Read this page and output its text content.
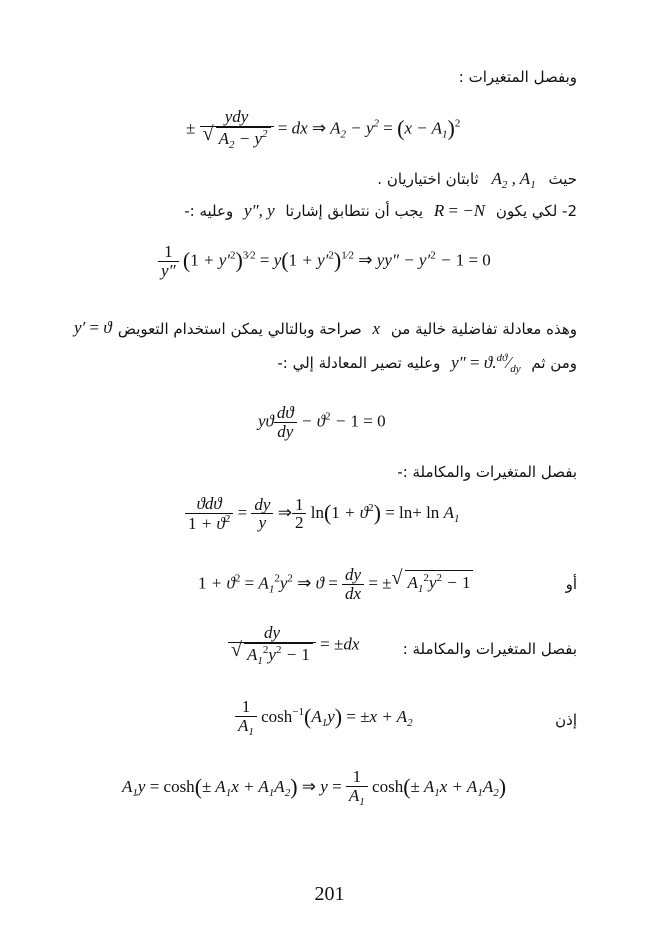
وبفصل المتغيرات :
± $\frac{\text{ydy}}{√ A_2 - y^2}$ = dx ⇒ $A_2 - y^2 = (x - A_1)^2$
حيث $A_2$ , $A_1$ ثابتان اختياريان .
2- لكي يكون R = −N يجب أن نتطابق إشارتا y″, y وعليه :-
$\frac{1}{y''} (1 + y'^2)^{3⁄2} = y(1 + y'^2)^{1⁄2}$ ⇒ $yy'' - y'^2 - 1 = 0$
وهذه معادلة تفاضلية خالية من x صراحة وبالتالي يمكن استخدام التعويض
y′ = ϑ
ومن ثم $y'' = ϑ.^{dϑ}⁄_{dy}$ وعليه تصير المعادلة إلي :-
yϑ $\frac{dϑ}{dy} - ϑ^2 - 1 = 0$
بفصل المتغيرات والمكاملة :-
$\frac{\text{ϑdϑ}}{1 + ϑ^2} = \frac{dy}{y}$ ⇒ $\frac{1}{2} \ln(1 + ϑ^2) = \ln+ \ln A_1$
$1 + ϑ^2 = A_1^2y^2$ ⇒ $ϑ = \frac{dy}{dx}$ = ± √ $A_1^2y^2 - 1$	أو
$\frac{dy}{√ A_1^2y^2 - 1} = \pm dx$	بفصل المتغيرات والمكاملة :
$\frac{1}{A_1} \cosh^{-1}(A_1y) = \pm x + A_2$	إذن
$A_1y = \cosh(\pm A_1x + A_1A_2)$ ⇒ $y = \frac{1}{A_1} \cosh(\pm A_1x + A_1A_2)$
201
